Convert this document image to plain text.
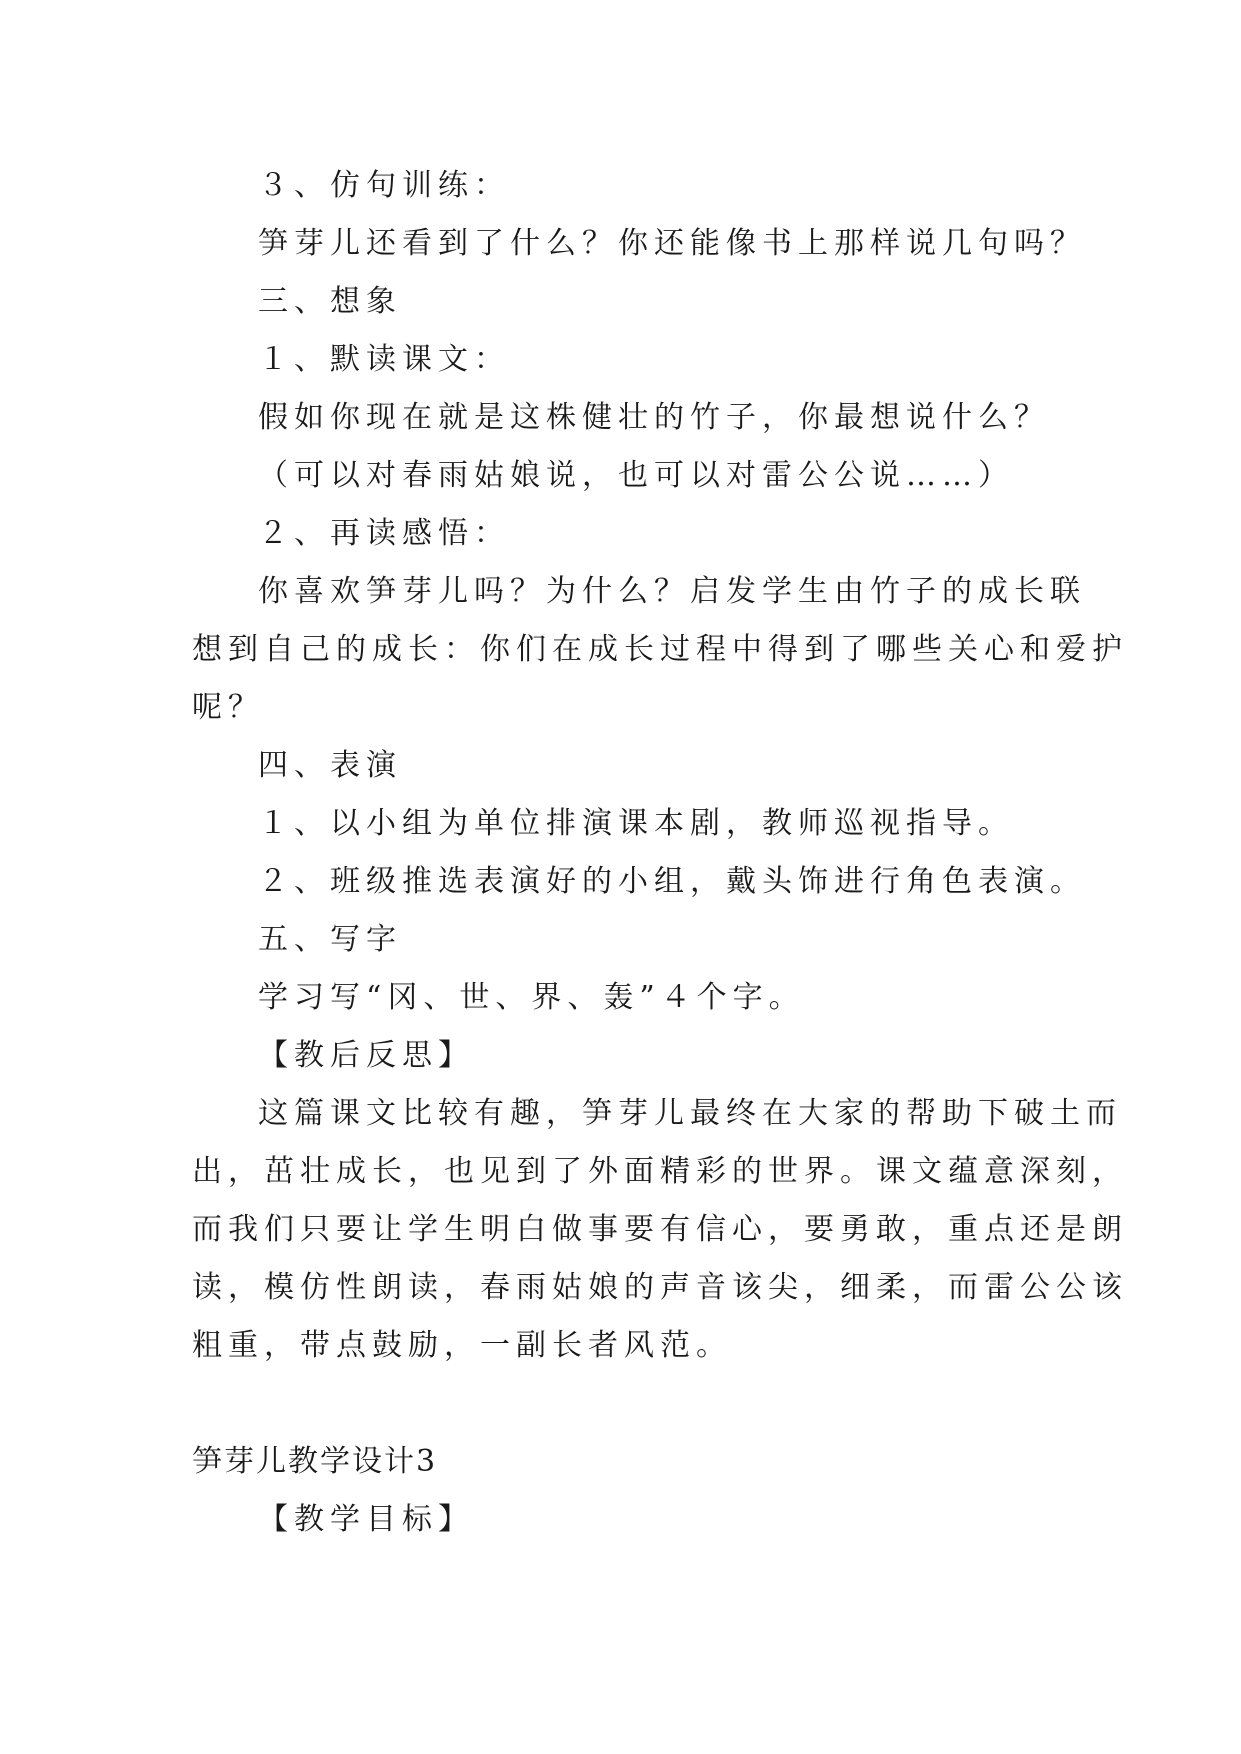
３、仿句训练：
笋芽儿还看到了什么？你还能像书上那样说几句吗？
三、想象
１、默读课文：
假如你现在就是这株健壮的竹子，你最想说什么？
（可以对春雨姑娘说，也可以对雷公公说……）
２、再读感悟：
你喜欢笋芽儿吗？为什么？启发学生由竹子的成长联
想到自己的成长：你们在成长过程中得到了哪些关心和爱护
呢？
四、表演
１、以小组为单位排演课本剧，教师巡视指导。
２、班级推选表演好的小组，戴头饰进行角色表演。
五、写字
学习写“冈、世、界、轰”４个字。
【教后反思】
这篇课文比较有趣，笋芽儿最终在大家的帮助下破土而
出，茁壮成长，也见到了外面精彩的世界。课文蕴意深刻，
而我们只要让学生明白做事要有信心，要勇敢，重点还是朗
读，模仿性朗读，春雨姑娘的声音该尖，细柔，而雷公公该
粗重，带点鼓励，一副长者风范。
笋芽儿教学设计3
【教学目标】
